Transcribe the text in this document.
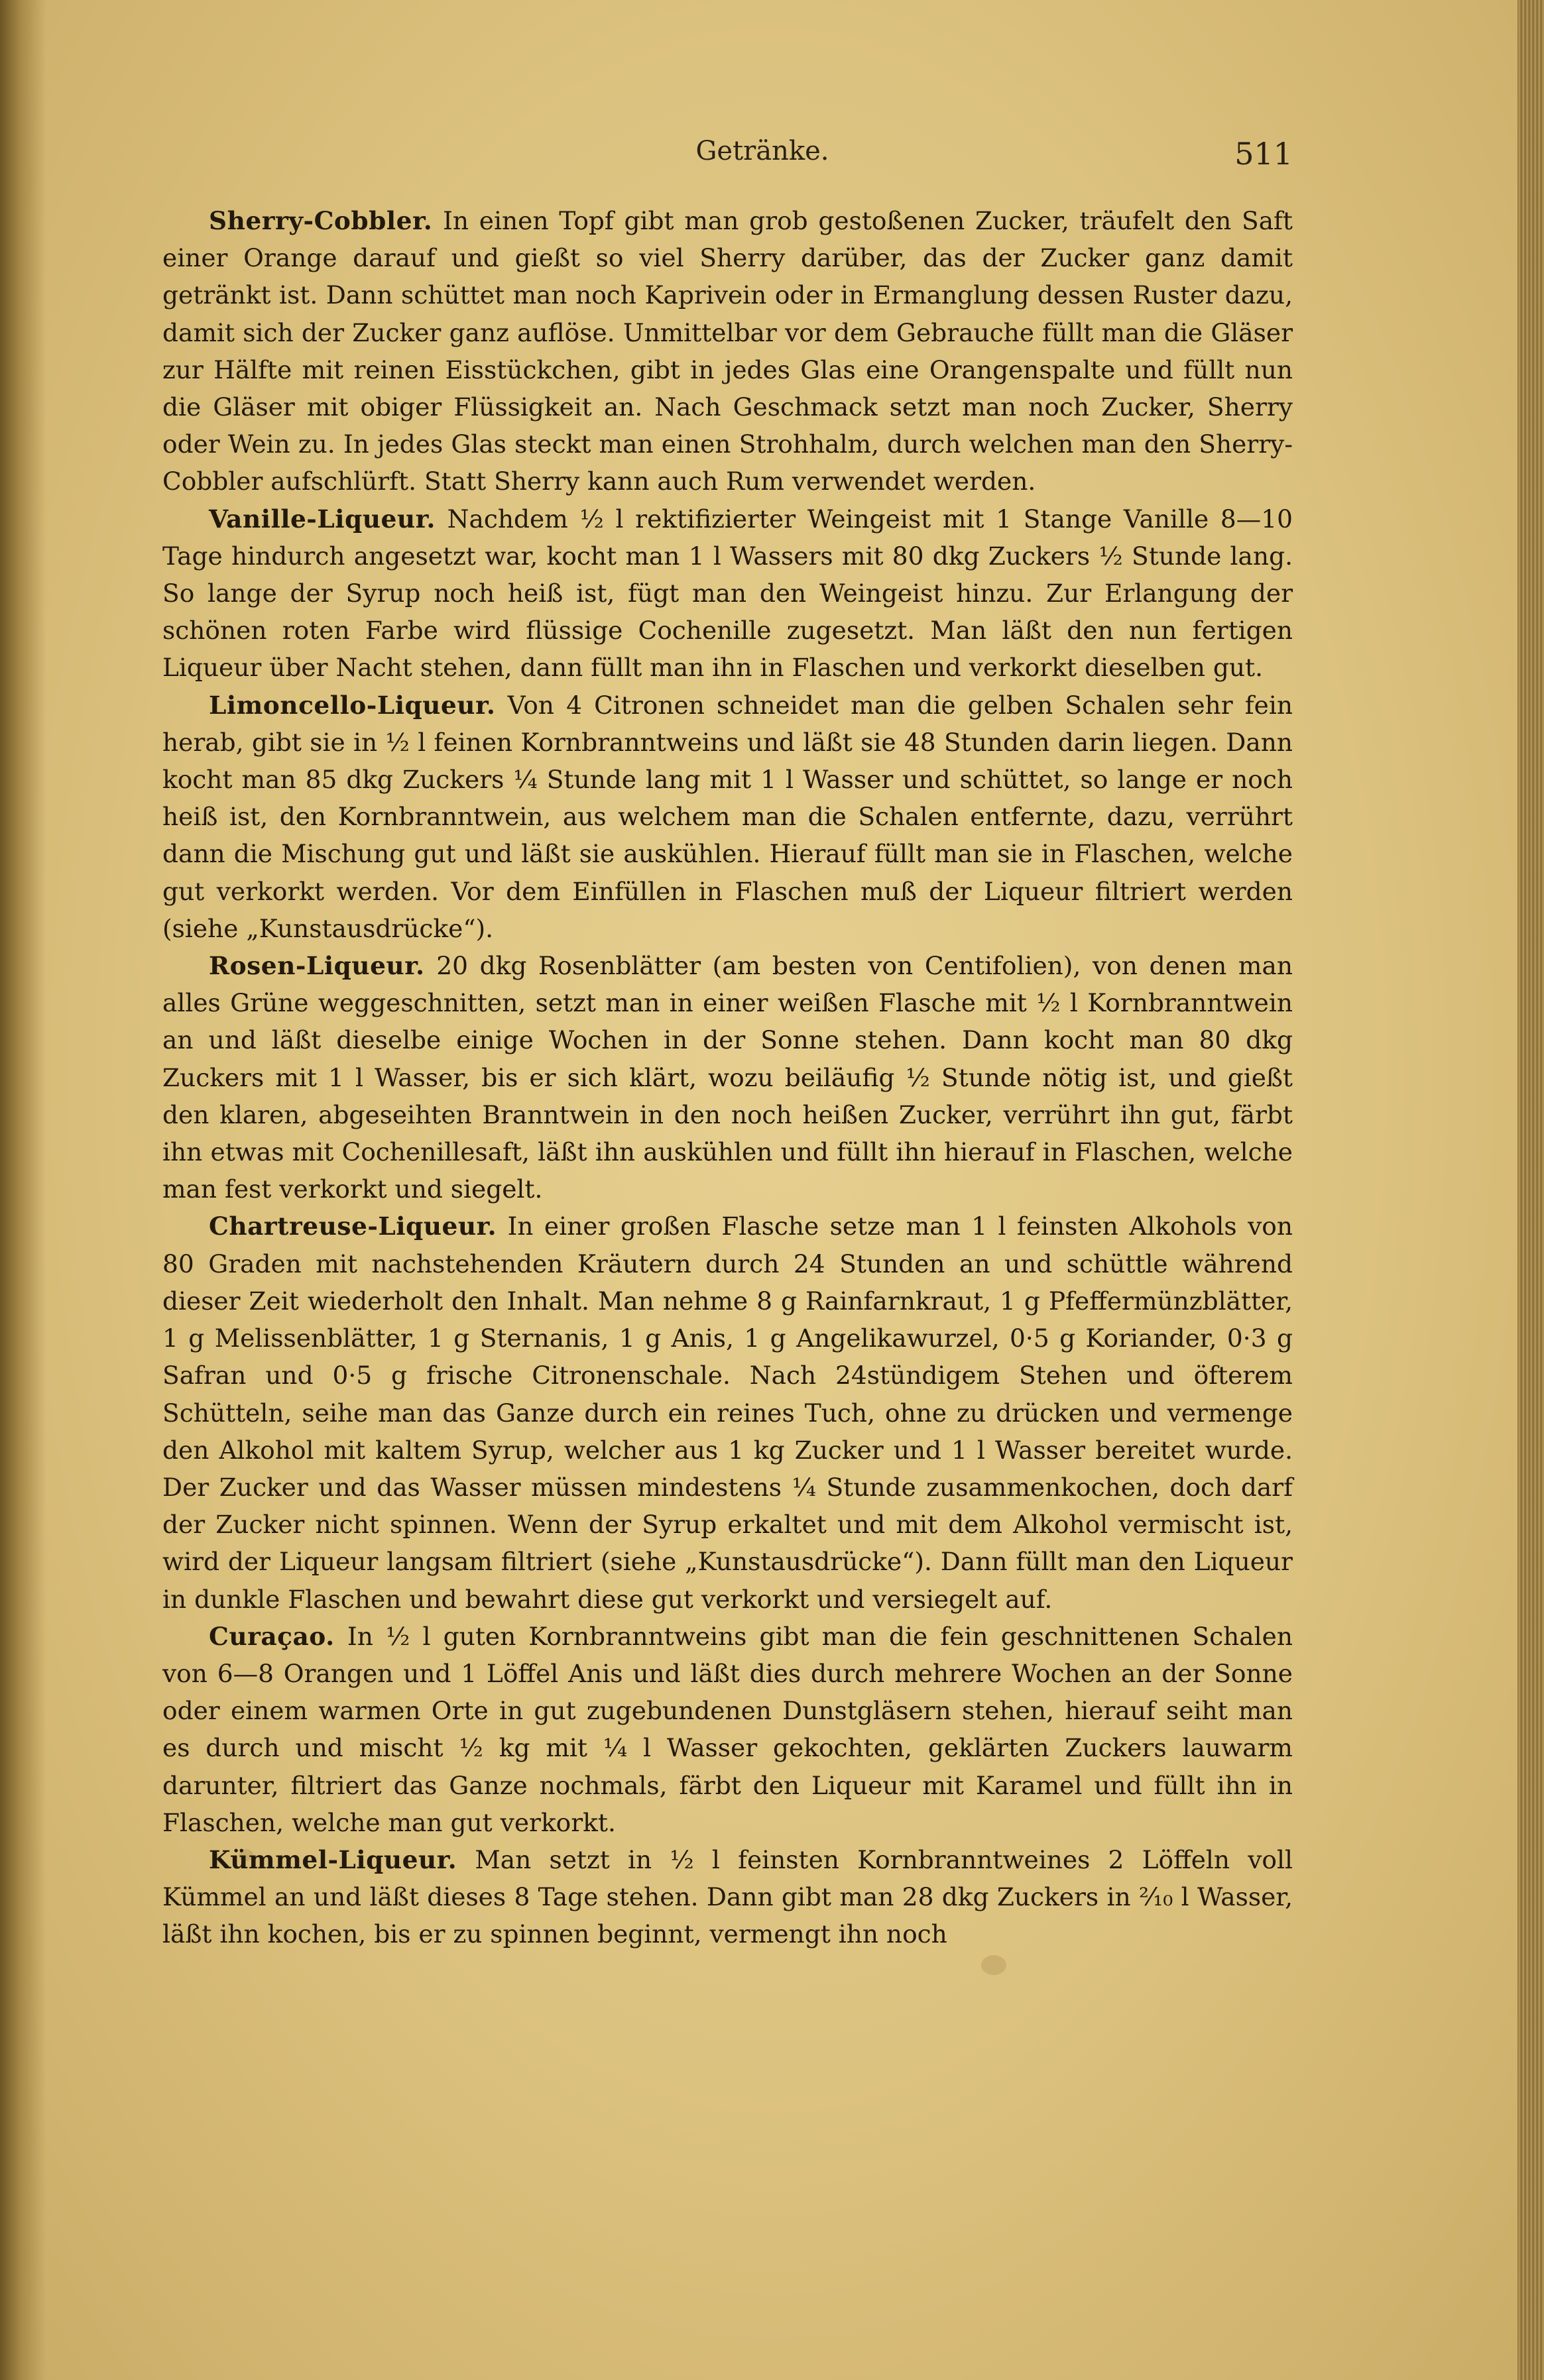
Getränke.	511

Sherry-Cobbler. In einen Topf gibt man grob gestoßenen Zucker, träufelt den Saft einer Orange darauf und gießt so viel Sherry darüber, das der Zucker ganz damit getränkt ist. Dann schüttet man noch Kaprivein oder in Ermanglung dessen Ruster dazu, damit sich der Zucker ganz auflöse. Unmittelbar vor dem Gebrauche füllt man die Gläser zur Hälfte mit reinen Eisstückchen, gibt in jedes Glas eine Orangenspalte und füllt nun die Gläser mit obiger Flüssigkeit an. Nach Geschmack setzt man noch Zucker, Sherry oder Wein zu. In jedes Glas steckt man einen Strohhalm, durch welchen man den Sherry-Cobbler aufschlürft. Statt Sherry kann auch Rum verwendet werden.

Vanille-Liqueur. Nachdem ½ l rektifizierter Weingeist mit 1 Stange Vanille 8—10 Tage hindurch angesetzt war, kocht man 1 l Wassers mit 80 dkg Zuckers ½ Stunde lang. So lange der Syrup noch heiß ist, fügt man den Weingeist hinzu. Zur Erlangung der schönen roten Farbe wird flüssige Cochenille zugesetzt. Man läßt den nun fertigen Liqueur über Nacht stehen, dann füllt man ihn in Flaschen und verkorkt dieselben gut.

Limoncello-Liqueur. Von 4 Citronen schneidet man die gelben Schalen sehr fein herab, gibt sie in ½ l feinen Kornbranntweins und läßt sie 48 Stunden darin liegen. Dann kocht man 85 dkg Zuckers ¼ Stunde lang mit 1 l Wasser und schüttet, so lange er noch heiß ist, den Kornbranntwein, aus welchem man die Schalen entfernte, dazu, verrührt dann die Mischung gut und läßt sie auskühlen. Hierauf füllt man sie in Flaschen, welche gut verkorkt werden. Vor dem Einfüllen in Flaschen muß der Liqueur filtriert werden (siehe „Kunstausdrücke“).

Rosen-Liqueur. 20 dkg Rosenblätter (am besten von Centifolien), von denen man alles Grüne weggeschnitten, setzt man in einer weißen Flasche mit ½ l Kornbranntwein an und läßt dieselbe einige Wochen in der Sonne stehen. Dann kocht man 80 dkg Zuckers mit 1 l Wasser, bis er sich klärt, wozu beiläufig ½ Stunde nötig ist, und gießt den klaren, abgeseihten Branntwein in den noch heißen Zucker, verrührt ihn gut, färbt ihn etwas mit Cochenillesaft, läßt ihn auskühlen und füllt ihn hierauf in Flaschen, welche man fest verkorkt und siegelt.

Chartreuse-Liqueur. In einer großen Flasche setze man 1 l feinsten Alkohols von 80 Graden mit nachstehenden Kräutern durch 24 Stunden an und schüttle während dieser Zeit wiederholt den Inhalt. Man nehme 8 g Rainfarnkraut, 1 g Pfeffermünzblätter, 1 g Melissenblätter, 1 g Sternanis, 1 g Anis, 1 g Angelikawurzel, 0·5 g Koriander, 0·3 g Safran und 0·5 g frische Citronenschale. Nach 24stündigem Stehen und öfterem Schütteln, seihe man das Ganze durch ein reines Tuch, ohne zu drücken und vermenge den Alkohol mit kaltem Syrup, welcher aus 1 kg Zucker und 1 l Wasser bereitet wurde. Der Zucker und das Wasser müssen mindestens ¼ Stunde zusammenkochen, doch darf der Zucker nicht spinnen. Wenn der Syrup erkaltet und mit dem Alkohol vermischt ist, wird der Liqueur langsam filtriert (siehe „Kunstausdrücke“). Dann füllt man den Liqueur in dunkle Flaschen und bewahrt diese gut verkorkt und versiegelt auf.

Curaçao. In ½ l guten Kornbranntweins gibt man die fein geschnittenen Schalen von 6—8 Orangen und 1 Löffel Anis und läßt dies durch mehrere Wochen an der Sonne oder einem warmen Orte in gut zugebundenen Dunstgläsern stehen, hierauf seiht man es durch und mischt ½ kg mit ¼ l Wasser gekochten, geklärten Zuckers lauwarm darunter, filtriert das Ganze nochmals, färbt den Liqueur mit Karamel und füllt ihn in Flaschen, welche man gut verkorkt.

Kümmel-Liqueur. Man setzt in ½ l feinsten Kornbranntweines 2 Löffeln voll Kümmel an und läßt dieses 8 Tage stehen. Dann gibt man 28 dkg Zuckers in ²⁄₁₀ l Wasser, läßt ihn kochen, bis er zu spinnen beginnt, vermengt ihn noch
